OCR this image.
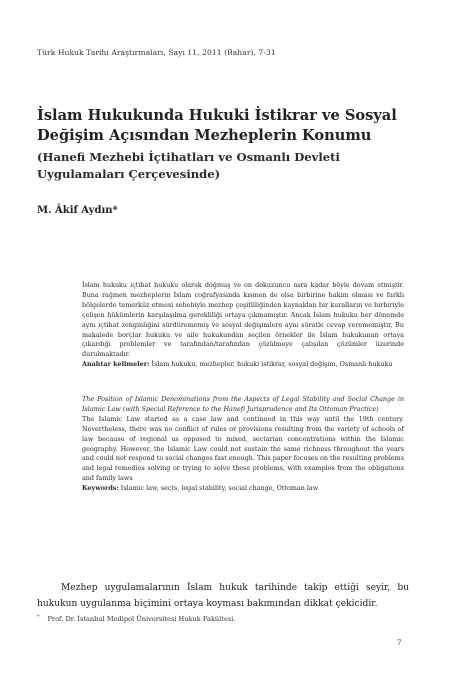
Türk Hukuk Tarihi Araştırmaları, Sayı 11, 2011 (Bahar), 7-31
İslam Hukukunda Hukuki İstikrar ve Sosyal Değişim Açısından Mezheplerin Konumu
(Hanefi Mezhebi İçtihatları ve Osmanlı Devleti Uygulamaları Çerçevesinde)
M. Âkif Aydın*

İslam hukuku içtihat hukuku olarak doğmuş ve on dokuzuncu asra kadar böyle devam etmiştir. Buna rağmen mezheplerin İslam coğrafyasında kısmen de olsa birbirine hakim olması ve farklı bölgelerde temerküz etmesi sebebiyle mezhep çeşitliliğinden kaynaklan bir kuralların ve birbiriyle çelişen hükümlerin karşılaşılma gerekliliği ortaya çıkmamıştır. Ancak İslam hukuku her dönemde aynı içtihat zenginliğini sürdürememiş ve sosyal değişimlere aynı süratle cevap verememiştir. Bu makalede borçlar hukuku ve aile hukukundan seçilen örnekler ile İslam hukukunun ortaya çıkardığı problemler ve tarafından/tarafından çözülmeye çalışılan çözümler üzerinde durulmaktadır.

Anahtar kelimeler: İslam hukuku, mezhepler, hukuki istikrar, sosyal değişim, Osmanlı hukuku

The Position of Islamic Denominations from the Aspects of Legal Stability and Social Change in Islamic Law (with Special Reference to the Hanefi Jurisprudence and Its Ottoman Practice)

The Islamic Law started as a case law and continued in this way until the 19th century. Nevertheless, there was no conflict of rules or provisions resulting from the variety of schools of law because of regional as opposed to mixed, sectarian concentrations within the Islamic geography. However, the Islamic Law could not sustain the same richness throughout the years and could not respond to social changes fast enough. This paper focuses on the resulting problems and legal remedies solving or trying to solve these problems, with examples from the obligations and family laws

Keywords: Islamic law, sects, legal stability, social change, Ottoman law

Mezhep uygulamalarının İslam hukuk tarihinde takip ettiği seyir, bu hukukun uygulanma biçimini ortaya koyması bakımından dikkat çekicidir.

* Prof. Dr. İstanbul Medipol Üniversitesi Hukuk Fakültesi.
7
